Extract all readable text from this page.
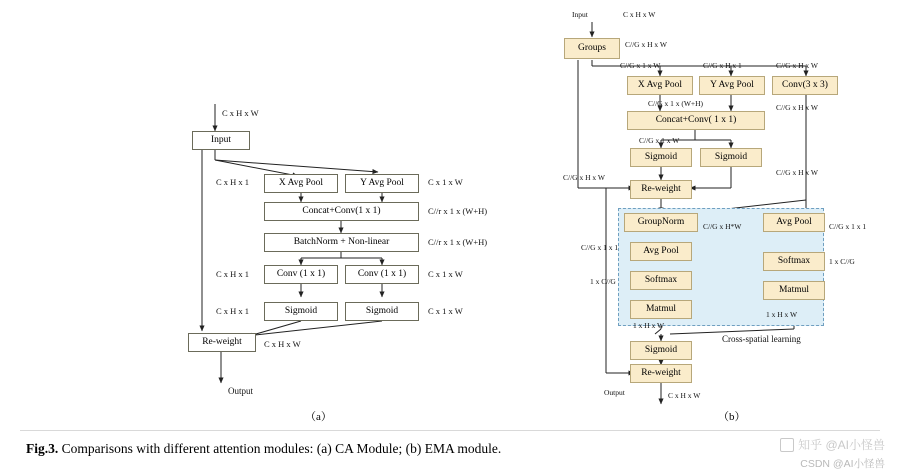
Input
X Avg Pool	Y Avg Pool
Concat+Conv(1 x 1)
BatchNorm + Non-linear
Conv (1 x 1)	Conv (1 x 1)
Sigmoid	Sigmoid
Re-weight
C x H x W
C x H x 1	C x 1 x W
C//r x 1 x (W+H)
C//r x 1 x (W+H)
C x H x 1	C x 1 x W
C x H x 1	C x 1 x W
C x H x W
Output
（a）
Groups
X Avg Pool	Y Avg Pool	Conv(3 x 3)
Concat+Conv( 1 x 1)
Sigmoid	Sigmoid
Re-weight
GroupNorm
Avg Pool
Softmax
Matmul
Avg Pool
Softmax
Matmul
Sigmoid
Re-weight
Input	C x H x W
C//G x H x W
C//G x 1 x W	C//G x H x 1	C//G x H x W
C//G x 1 x (W+H)
C//G x 1 x W
C//G x H x W
C//G x H x W
C//G x H x W
C//G x 1 x 1
C//G x H*W	C//G x 1 x 1
1 x C//G
1 x C//G
1 x H x W
1 x H x W
Cross-spatial learning
Output	C x H x W
（b）
Fig.3. Comparisons with different attention modules: (a) CA Module; (b) EMA module.	知乎 @AI小怪兽
CSDN @AI小怪兽
